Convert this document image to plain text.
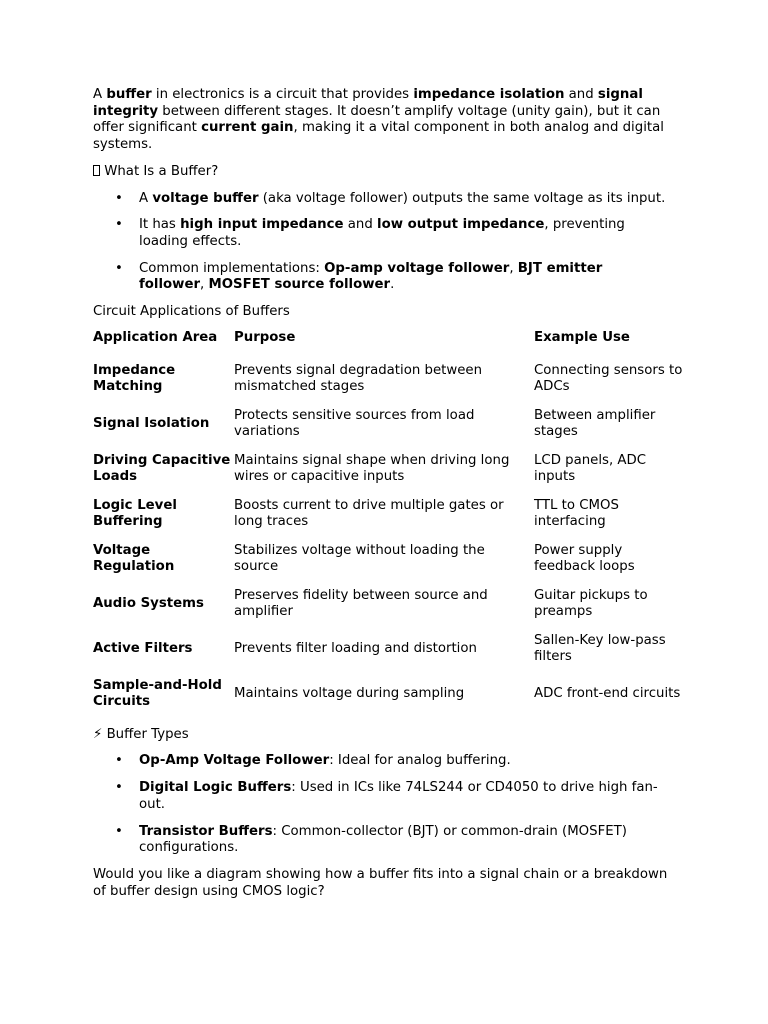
A buffer in electronics is a circuit that provides impedance isolation and signal integrity between different stages. It doesn’t amplify voltage (unity gain), but it can offer significant current gain, making it a vital component in both analog and digital systems.

What Is a Buffer?

• A voltage buffer (aka voltage follower) outputs the same voltage as its input.
• It has high input impedance and low output impedance, preventing loading effects.
• Common implementations: Op-amp voltage follower, BJT emitter follower, MOSFET source follower.

Circuit Applications of Buffers

Application Area	Purpose	Example Use
Impedance Matching	Prevents signal degradation between mismatched stages	Connecting sensors to ADCs
Signal Isolation	Protects sensitive sources from load variations	Between amplifier stages
Driving Capacitive Loads	Maintains signal shape when driving long wires or capacitive inputs	LCD panels, ADC inputs
Logic Level Buffering	Boosts current to drive multiple gates or long traces	TTL to CMOS interfacing
Voltage Regulation	Stabilizes voltage without loading the source	Power supply feedback loops
Audio Systems	Preserves fidelity between source and amplifier	Guitar pickups to preamps
Active Filters	Prevents filter loading and distortion	Sallen-Key low-pass filters
Sample-and-Hold Circuits	Maintains voltage during sampling	ADC front-end circuits

⚡ Buffer Types

• Op-Amp Voltage Follower: Ideal for analog buffering.
• Digital Logic Buffers: Used in ICs like 74LS244 or CD4050 to drive high fan-out.
• Transistor Buffers: Common-collector (BJT) or common-drain (MOSFET) configurations.

Would you like a diagram showing how a buffer fits into a signal chain or a breakdown of buffer design using CMOS logic?
